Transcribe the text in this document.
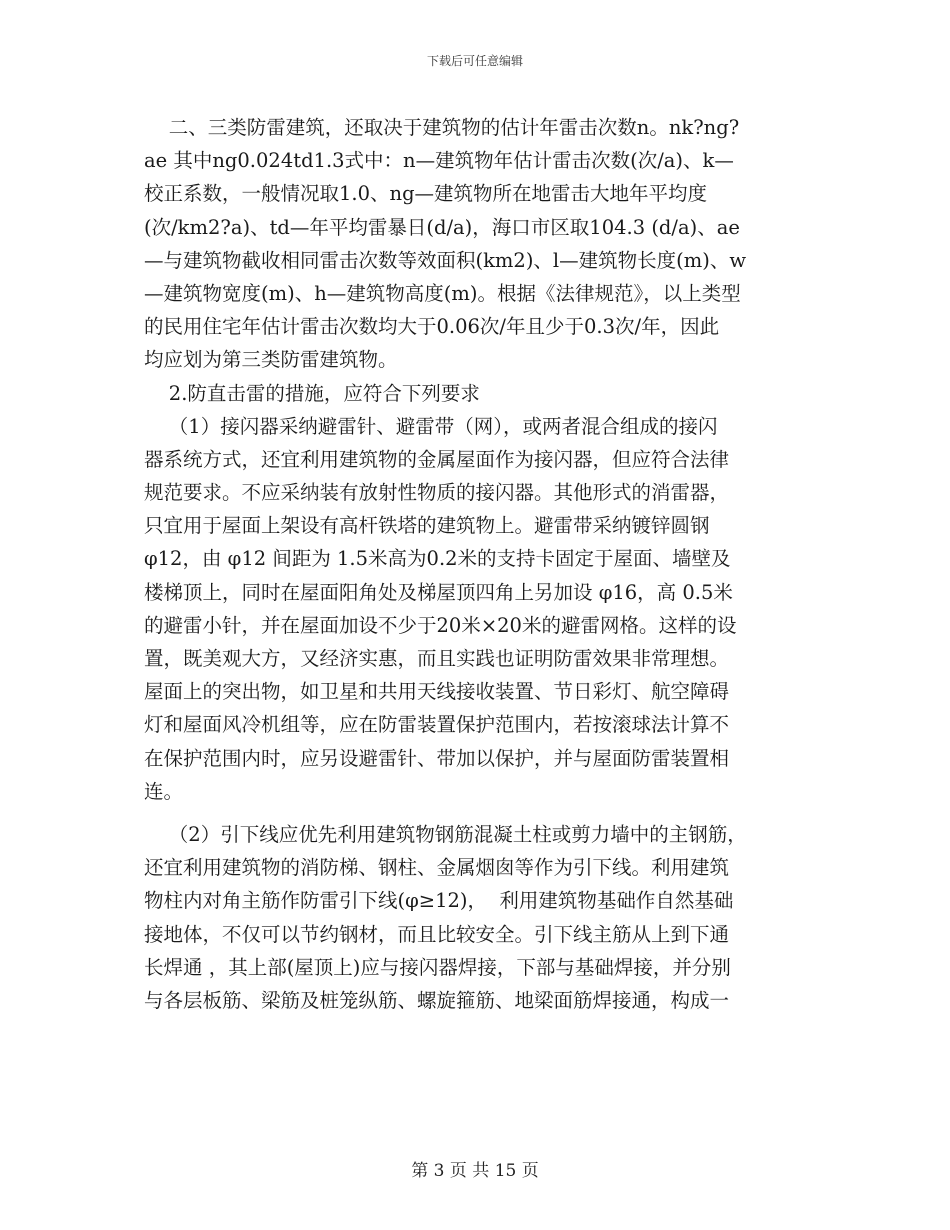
下载后可任意编辑
二、三类防雷建筑，还取决于建筑物的估计年雷击次数n。nk?ng?
ae 其中ng0.024td1.3式中：n—建筑物年估计雷击次数(次/a)、k—
校正系数，一般情况取1.0、ng—建筑物所在地雷击大地年平均度
(次/km2?a)、td—年平均雷暴日(d/a)，海口市区取104.3 (d/a)、ae
—与建筑物截收相同雷击次数等效面积(km2)、l—建筑物长度(m)、w
—建筑物宽度(m)、h—建筑物高度(m)。根据《法律规范》，以上类型
的民用住宅年估计雷击次数均大于0.06次/年且少于0.3次/年，因此
均应划为第三类防雷建筑物。
2.防直击雷的措施，应符合下列要求
（1）接闪器采纳避雷针、避雷带（网），或两者混合组成的接闪
器系统方式，还宜利用建筑物的金属屋面作为接闪器，但应符合法律
规范要求。不应采纳装有放射性物质的接闪器。其他形式的消雷器，
只宜用于屋面上架设有高杆铁塔的建筑物上。避雷带采纳镀锌圆钢
φ12，由 φ12 间距为 1.5米高为0.2米的支持卡固定于屋面、墙壁及
楼梯顶上，同时在屋面阳角处及梯屋顶四角上另加设 φ16，高 0.5米
的避雷小针，并在屋面加设不少于20米×20米的避雷网格。这样的设
置，既美观大方，又经济实惠，而且实践也证明防雷效果非常理想。
屋面上的突出物，如卫星和共用天线接收装置、节日彩灯、航空障碍
灯和屋面风冷机组等，应在防雷装置保护范围内，若按滚球法计算不
在保护范围内时，应另设避雷针、带加以保护，并与屋面防雷装置相
连。
（2）引下线应优先利用建筑物钢筋混凝土柱或剪力墙中的主钢筋，
还宜利用建筑物的消防梯、钢柱、金属烟囱等作为引下线。利用建筑
物柱内对角主筋作防雷引下线(φ≥12)，  利用建筑物基础作自然基础
接地体，不仅可以节约钢材，而且比较安全。引下线主筋从上到下通
长焊通 ，其上部(屋顶上)应与接闪器焊接，下部与基础焊接，并分别
与各层板筋、梁筋及桩笼纵筋、螺旋箍筋、地梁面筋焊接通，构成一
第 3 页 共 15 页
